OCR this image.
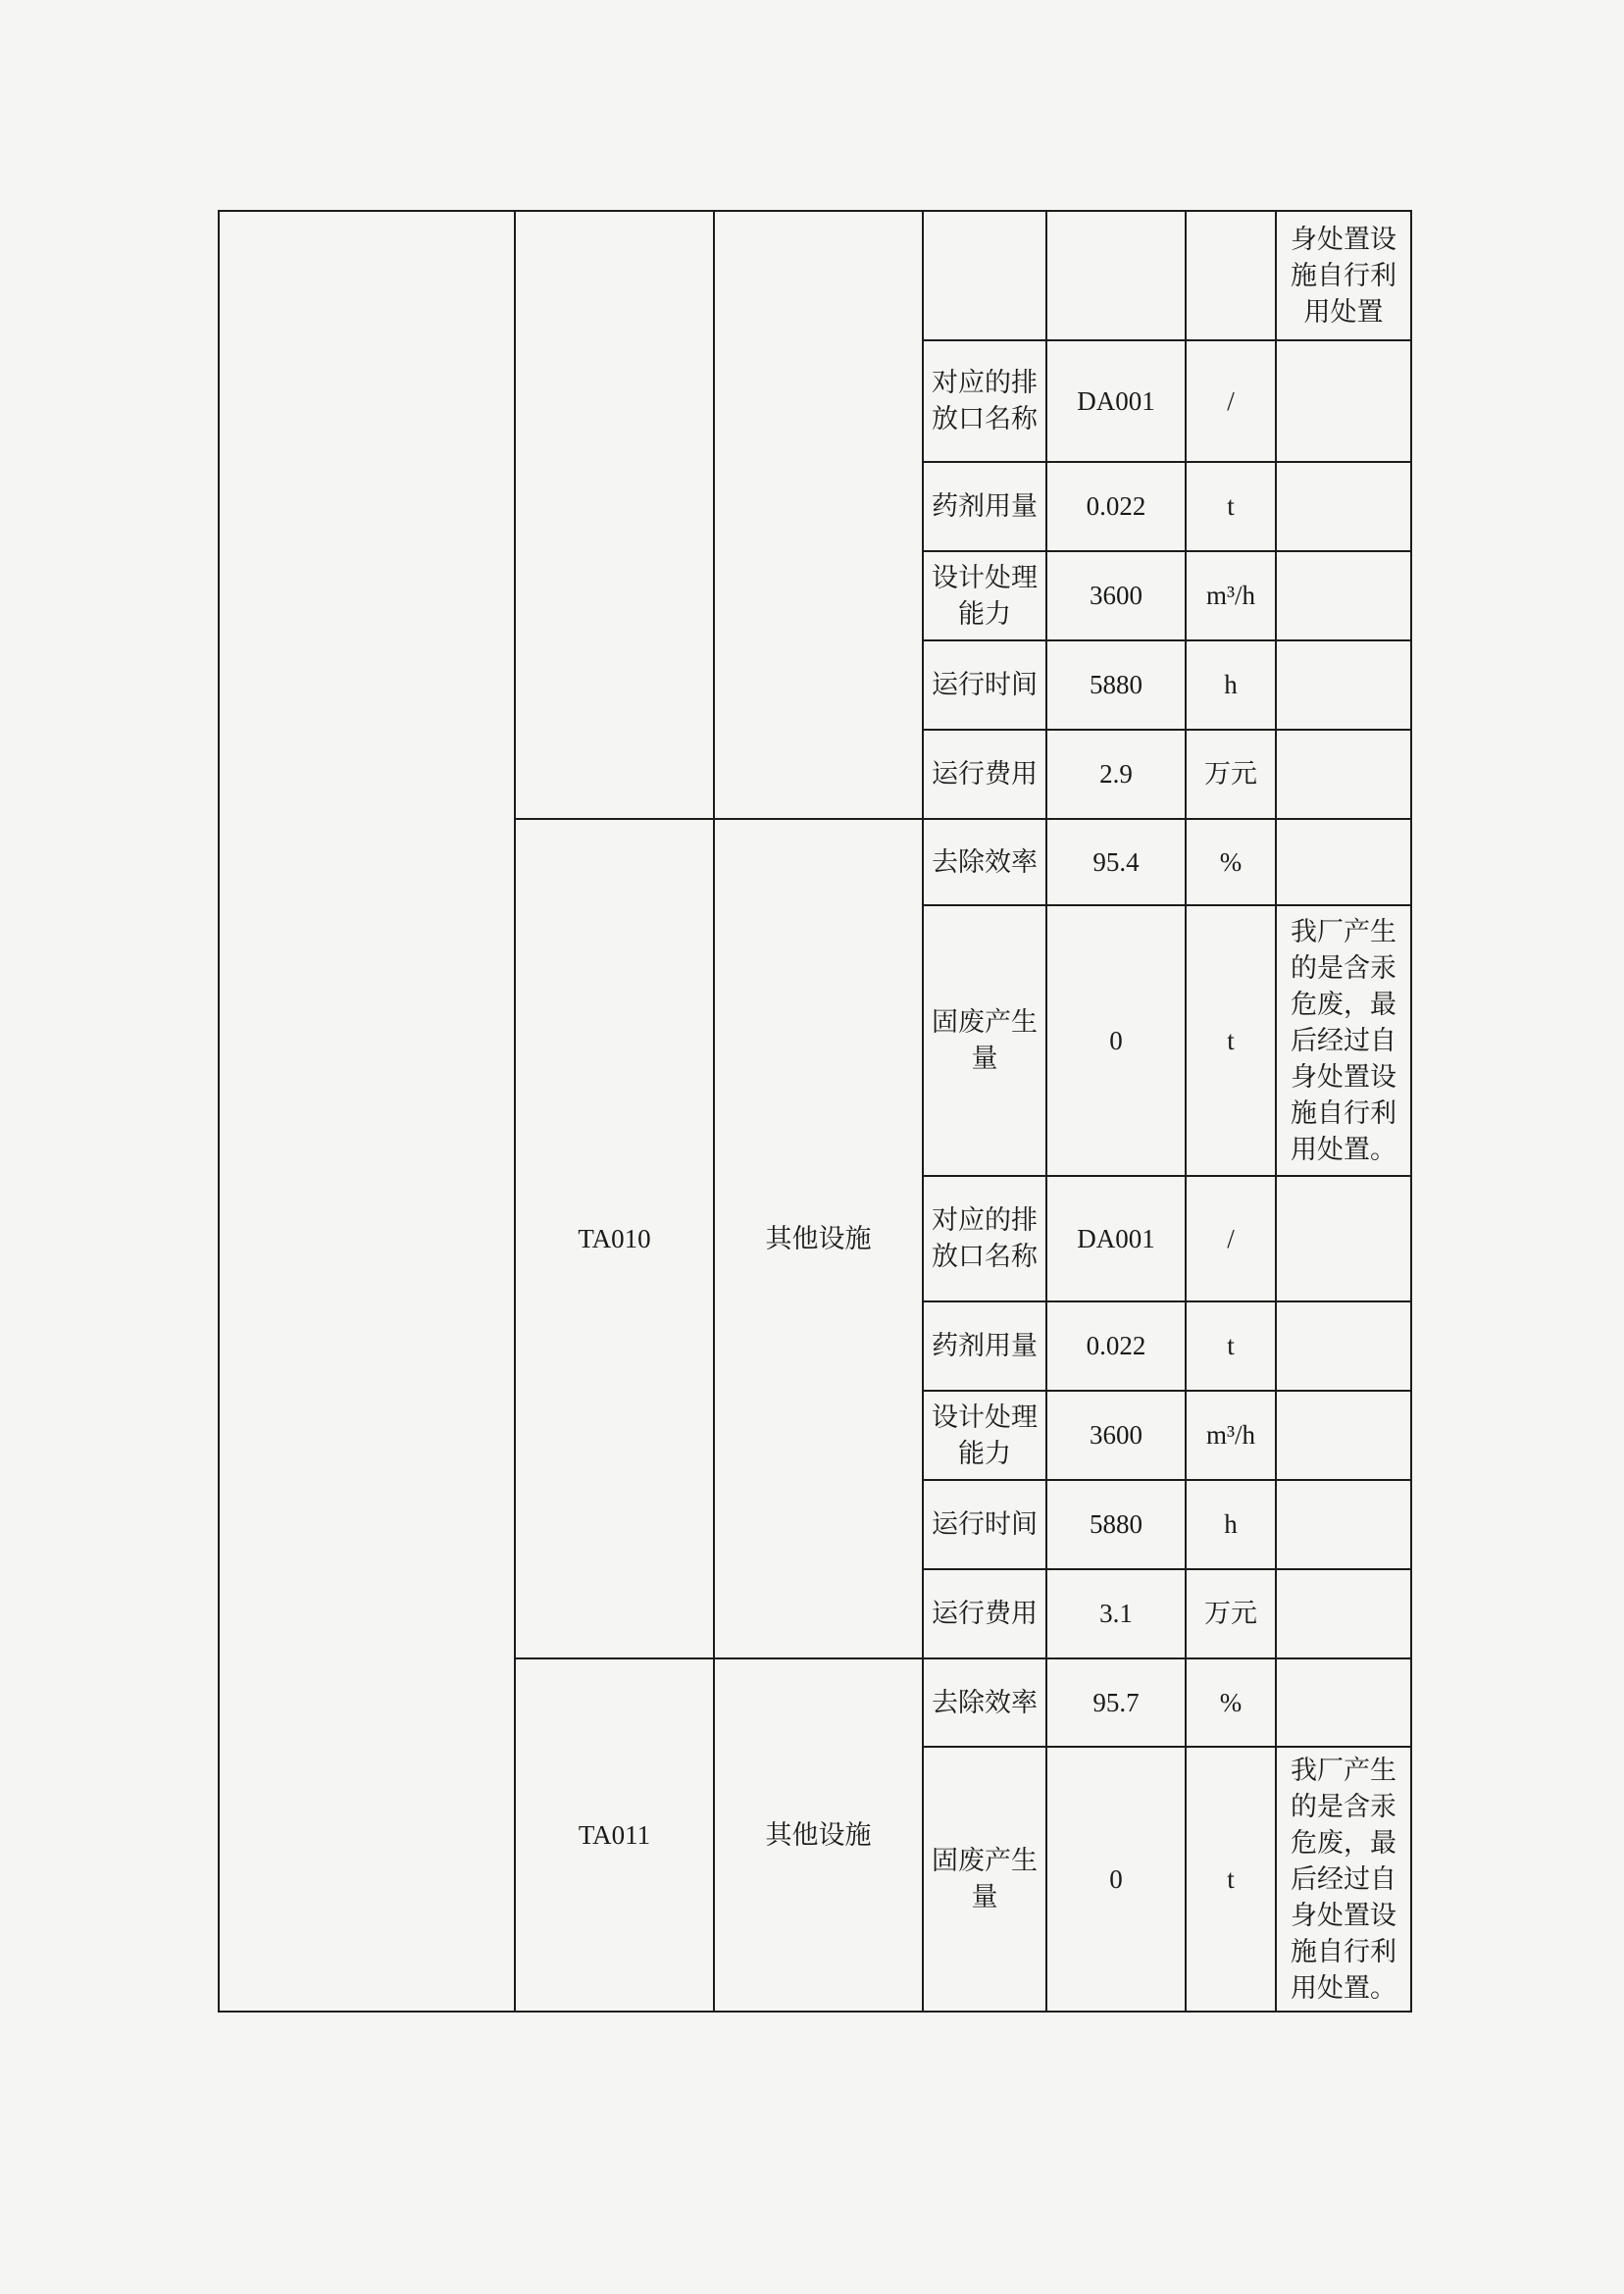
						身处置设施自行利用处置
			对应的排放口名称	DA001	/	
			药剂用量	0.022	t	
			设计处理能力	3600	m³/h	
			运行时间	5880	h	
			运行费用	2.9	万元	
	TA010	其他设施	去除效率	95.4	%	
			固废产生量	0	t	我厂产生的是含汞危废，最后经过自身处置设施自行利用处置。
			对应的排放口名称	DA001	/	
			药剂用量	0.022	t	
			设计处理能力	3600	m³/h	
			运行时间	5880	h	
			运行费用	3.1	万元	
	TA011	其他设施	去除效率	95.7	%	
			固废产生量	0	t	我厂产生的是含汞危废，最后经过自身处置设施自行利用处置。
